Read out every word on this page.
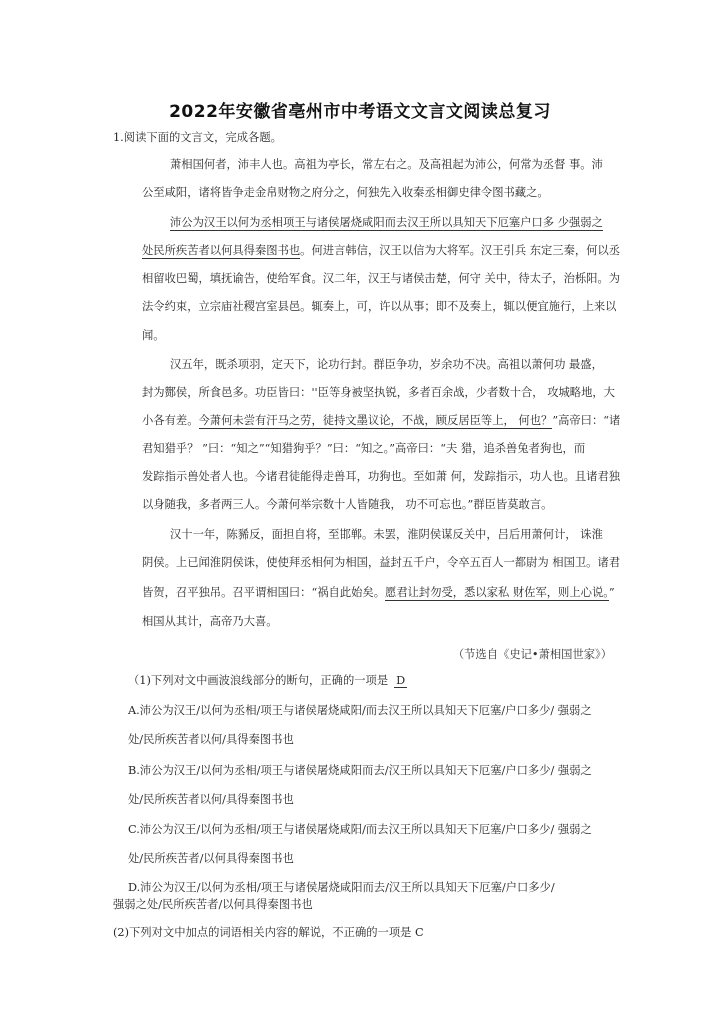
2022年安徽省亳州市中考语文文言文阅读总复习
1.阅读下面的文言文，完成各题。
萧相国何者，沛丰人也。高祖为亭长，常左右之。及高祖起为沛公，何常为丞督 事。沛
公至咸阳，诸将皆争走金帛财物之府分之，何独先入收秦丞相御史律令图书藏之。
沛公为汉王以何为丞相项王与诸侯屠烧咸阳而去汉王所以具知天下厄塞户口多 少强弱之
处民所疾苦者以何具得秦图书也。何进言韩信，汉王以信为大将军。汉王引兵 东定三秦，何以丞
相留收巴蜀，填抚谕告，使给军食。汉二年，汉王与诸侯击楚，何守 关中，待太子，治栎阳。为
法令约束，立宗庙社稷宫室县邑。辄奏上，可，许以从事；即不及奏上，辄以便宜施行，上来以
闻。
汉五年，既杀项羽，定天下，论功行封。群臣争功，岁余功不决。高祖以萧何功 最盛，
封为酂侯，所食邑多。功臣皆曰：''臣等身被坚执锐，多者百余战，少者数十合， 攻城略地，大
小各有差。今萧何未尝有汗马之劳，徒持文墨议论，不战，顾反居臣等上， 何也？”高帝曰：“诸
君知猎乎？ ”曰：“知之”“知猎狗乎？”曰：“知之。”高帝曰：“夫 猎，追杀兽兔者狗也，而
发踪指示兽处者人也。今诸君徒能得走兽耳，功狗也。至如萧 何，发踪指示，功人也。且诸君独
以身随我，多者两三人。今萧何举宗数十人皆随我， 功不可忘也。”群臣皆莫敢言。
汉十一年，陈豨反，面担自将，至邯郸。未罢，淮阴侯谋反关中，吕后用萧何计， 诛淮
阴侯。上已闻淮阴侯诛，使使拜丞相何为相国，益封五千户，令卒五百人一都尉为 相国卫。诸君
皆贺，召平独吊。召平谓相国曰：“祸自此始矣。愿君让封勿受，悉以家私 财佐军，则上心说。”
相国从其计，高帝乃大喜。
（节选自《史记•萧相国世家》）
（1)下列对文中画波浪线部分的断句，正确的一项是 D
A.沛公为汉王/以何为丞相/项王与诸侯屠烧咸阳/而去汉王所以具知天下厄塞/户口多少/ 强弱之
处/民所疾苦者以何/具得秦图书也
B.沛公为汉王/以何为丞相/项王与诸侯屠烧咸阳而去/汉王所以具知天下厄塞/户口多少/ 强弱之
处/民所疾苦者以何/具得秦图书也
C.沛公为汉王/以何为丞相/项王与诸侯屠烧咸阳/而去汉王所以具知天下厄塞/户口多少/ 强弱之
处/民所疾苦者/以何具得秦图书也
D.沛公为汉王/以何为丞相/项王与诸侯屠烧咸阳而去/汉王所以具知天下厄塞/户口多少/
强弱之处/民所疾苦者/以何具得秦图书也
(2)下列对文中加点的词语相关内容的解说，不正确的一项是 C
